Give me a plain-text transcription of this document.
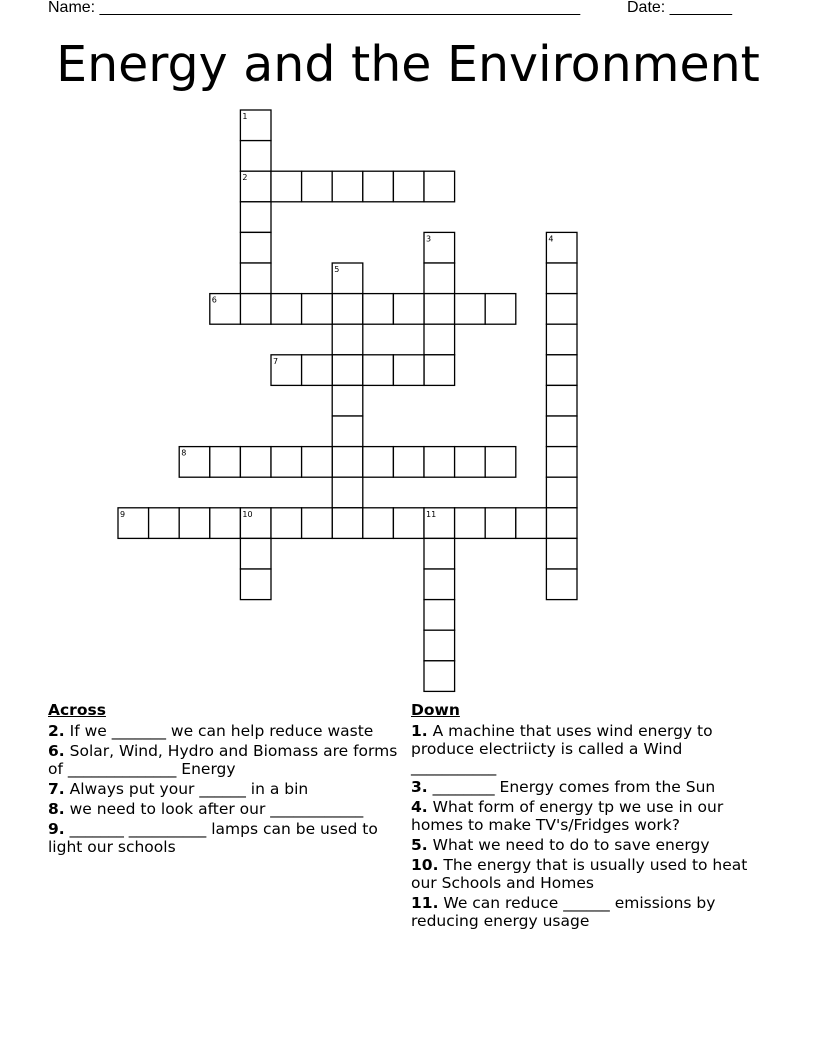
Name: ______________________________________________________	Date: _______
Energy and the Environment
1
2
3	4
5
6
7
8
9	10	11
Across
2. If we _______ we can help reduce waste
6. Solar, Wind, Hydro and Biomass are forms of ______________ Energy
7. Always put your ______ in a bin
8. we need to look after our ____________
9. _______ __________ lamps can be used to light our schools
Down
1. A machine that uses wind energy to produce electriicty is called a Wind ___________
3. ________ Energy comes from the Sun
4. What form of energy tp we use in our homes to make TV's/Fridges work?
5. What we need to do to save energy
10. The energy that is usually used to heat our Schools and Homes
11. We can reduce ______ emissions by reducing energy usage
